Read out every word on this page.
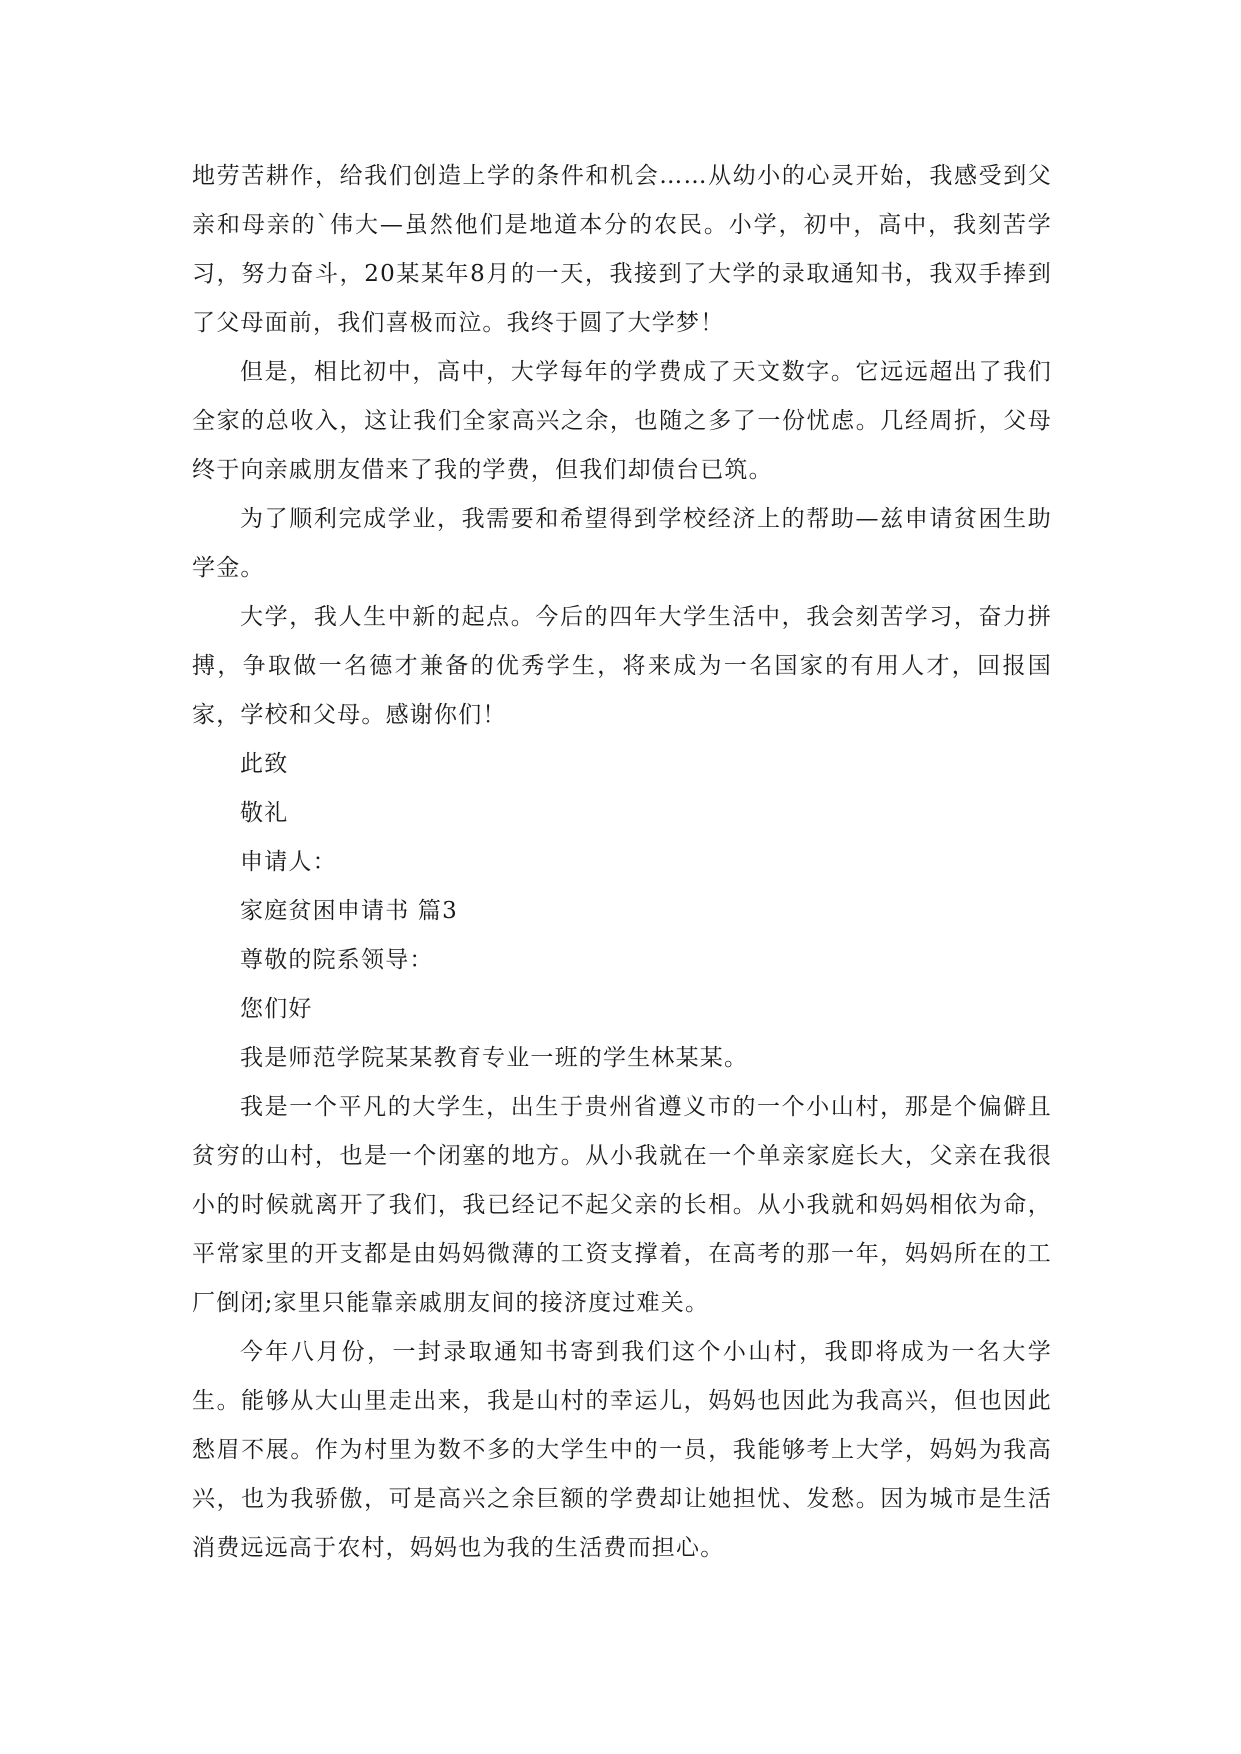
地劳苦耕作，给我们创造上学的条件和机会……从幼小的心灵开始，我感受到父亲和母亲的`伟大—虽然他们是地道本分的农民。小学，初中，高中，我刻苦学习，努力奋斗，20某某年8月的一天，我接到了大学的录取通知书，我双手捧到了父母面前，我们喜极而泣。我终于圆了大学梦！

但是，相比初中，高中，大学每年的学费成了天文数字。它远远超出了我们全家的总收入，这让我们全家高兴之余，也随之多了一份忧虑。几经周折，父母终于向亲戚朋友借来了我的学费，但我们却债台已筑。

为了顺利完成学业，我需要和希望得到学校经济上的帮助—兹申请贫困生助学金。

大学，我人生中新的起点。今后的四年大学生活中，我会刻苦学习，奋力拼搏，争取做一名德才兼备的优秀学生，将来成为一名国家的有用人才，回报国家，学校和父母。感谢你们！

此致

敬礼

申请人：

家庭贫困申请书 篇3

尊敬的院系领导：

您们好

我是师范学院某某教育专业一班的学生林某某。

我是一个平凡的大学生，出生于贵州省遵义市的一个小山村，那是个偏僻且贫穷的山村，也是一个闭塞的地方。从小我就在一个单亲家庭长大，父亲在我很小的时候就离开了我们，我已经记不起父亲的长相。从小我就和妈妈相依为命，平常家里的开支都是由妈妈微薄的工资支撑着，在高考的那一年，妈妈所在的工厂倒闭;家里只能靠亲戚朋友间的接济度过难关。

今年八月份，一封录取通知书寄到我们这个小山村，我即将成为一名大学生。能够从大山里走出来，我是山村的幸运儿，妈妈也因此为我高兴，但也因此愁眉不展。作为村里为数不多的大学生中的一员，我能够考上大学，妈妈为我高兴，也为我骄傲，可是高兴之余巨额的学费却让她担忧、发愁。因为城市是生活消费远远高于农村，妈妈也为我的生活费而担心。
